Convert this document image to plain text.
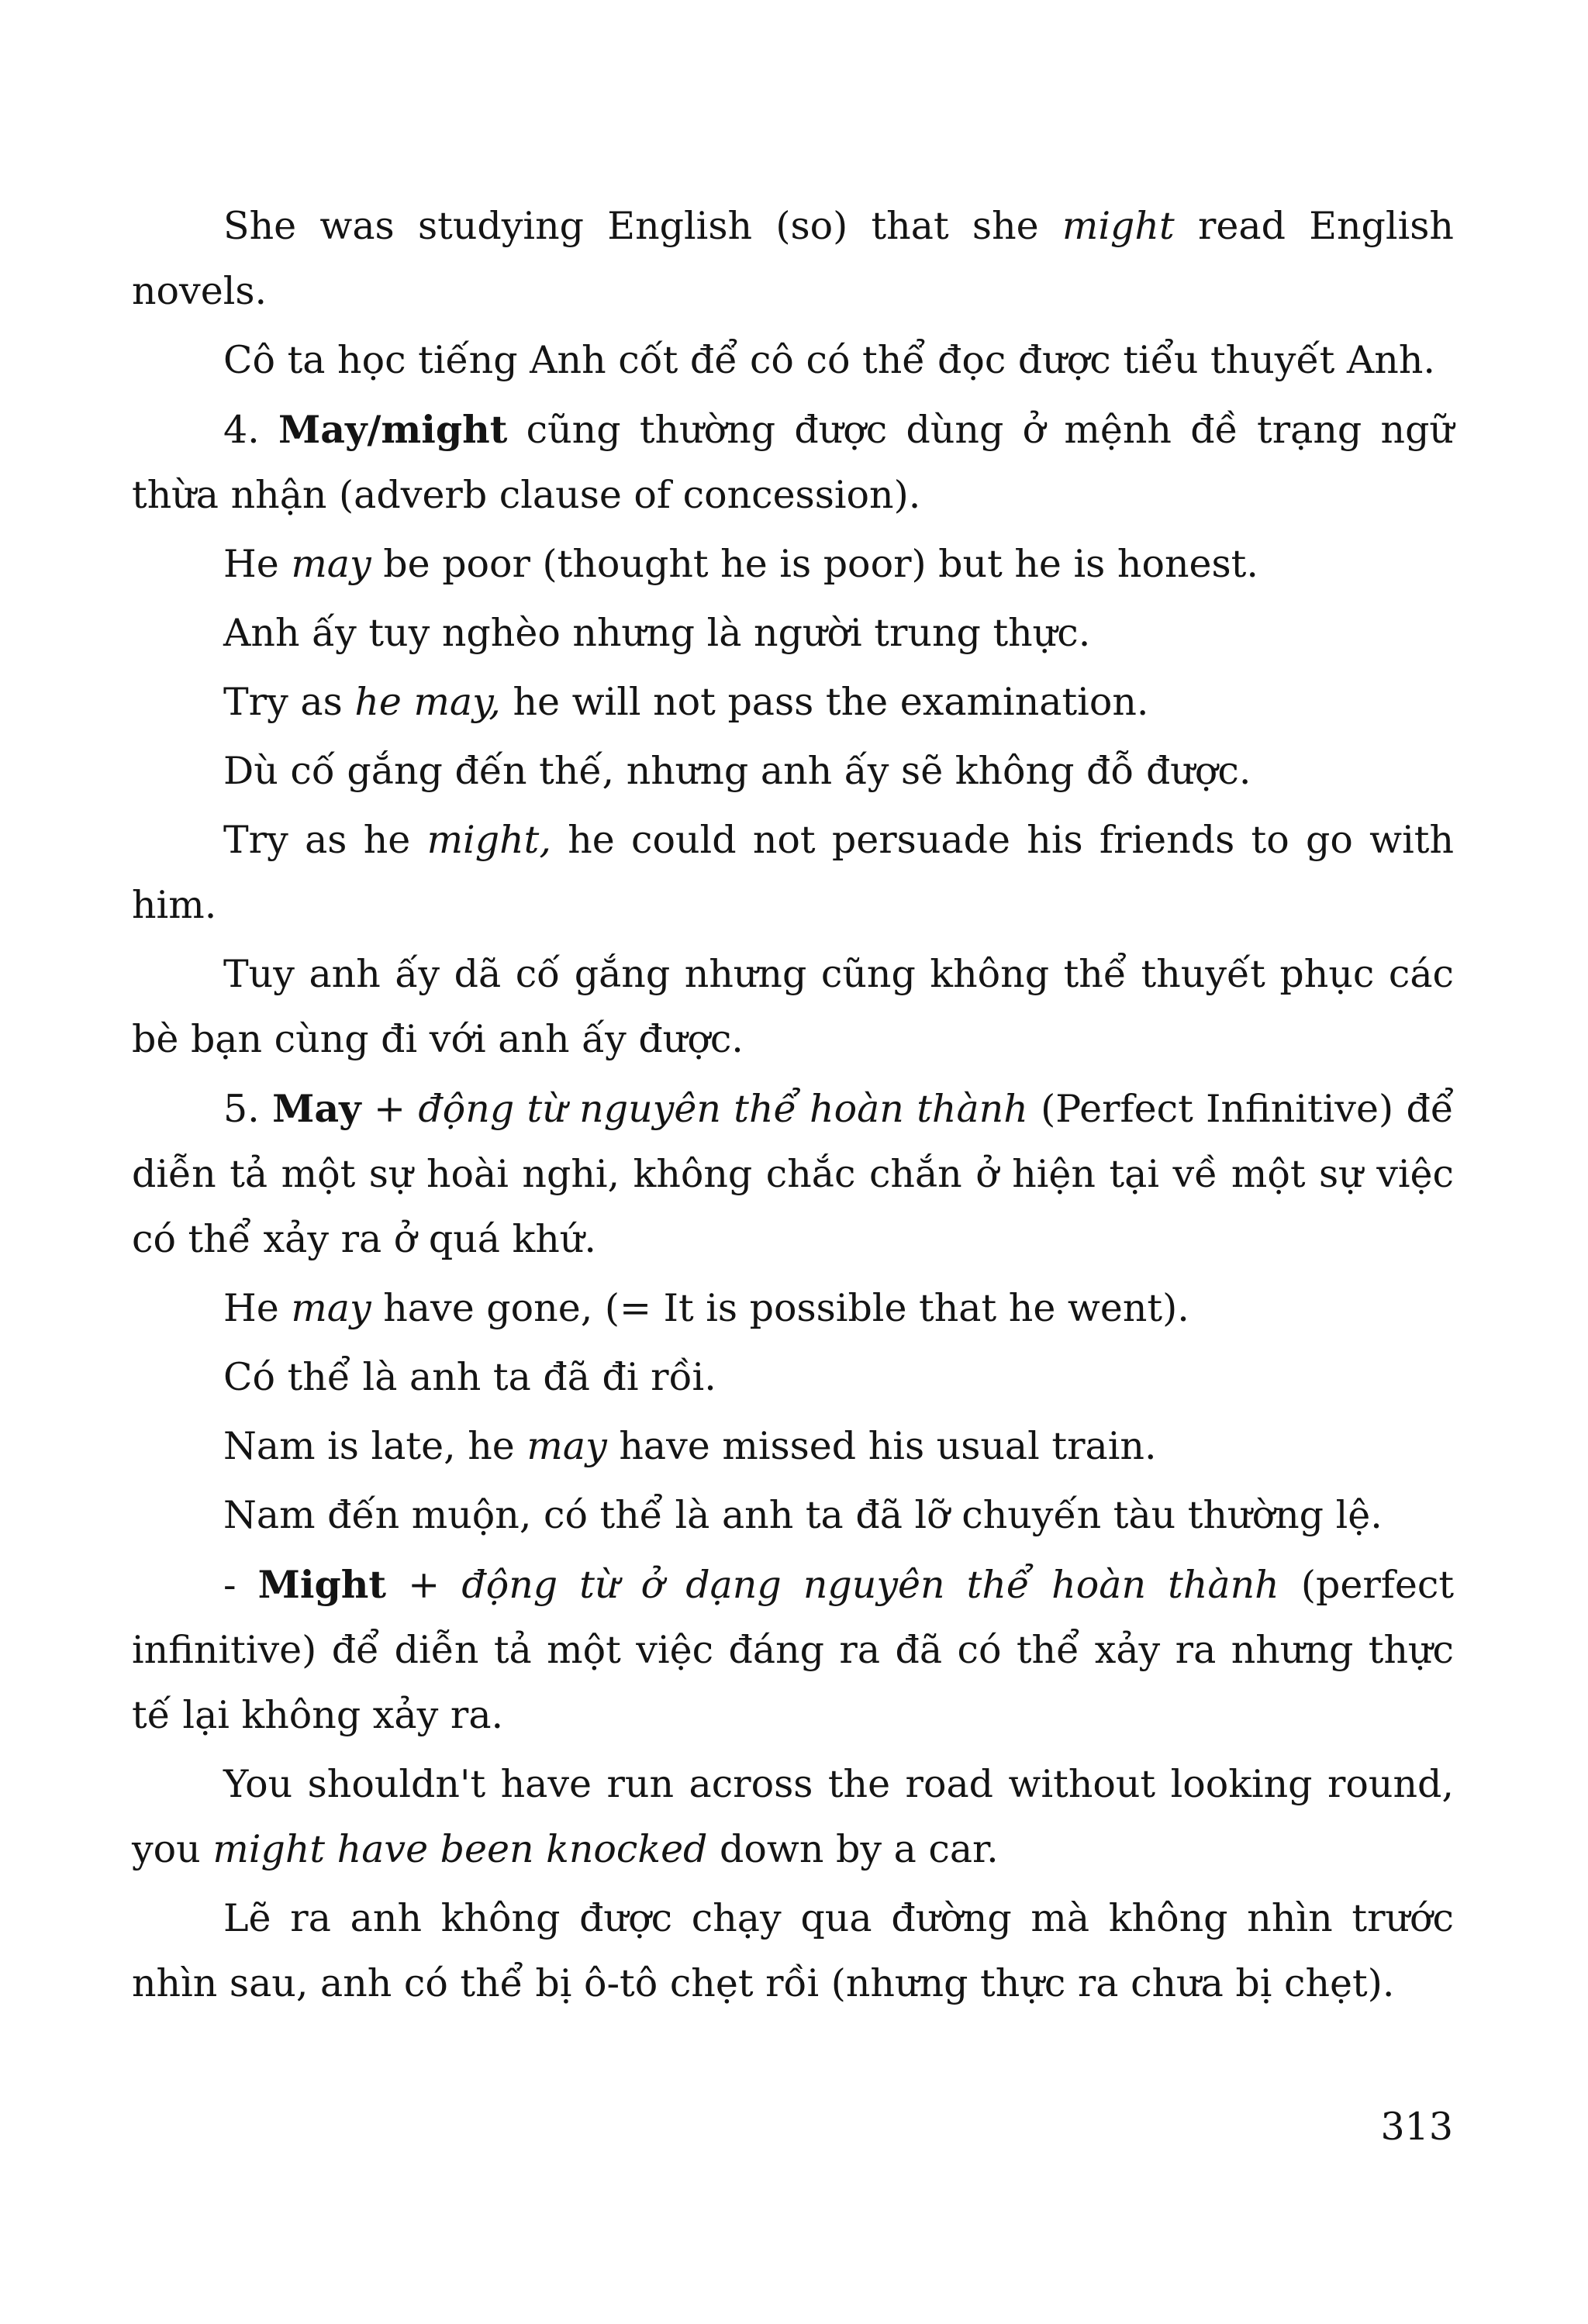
She was studying English (so) that she might read English novels.

Cô ta học tiếng Anh cốt để cô có thể đọc được tiểu thuyết Anh.

4. May/might cũng thường được dùng ở mệnh đề trạng ngữ thừa nhận (adverb clause of concession).

He may be poor (thought he is poor) but he is honest.

Anh ấy tuy nghèo nhưng là người trung thực.

Try as he may, he will not pass the examination.

Dù cố gắng đến thế, nhưng anh ấy sẽ không đỗ được.

Try as he might, he could not persuade his friends to go with him.

Tuy anh ấy dã cố gắng nhưng cũng không thể thuyết phục các bè bạn cùng đi với anh ấy được.

5. May + động từ nguyên thể hoàn thành (Perfect Infinitive) để diễn tả một sự hoài nghi, không chắc chắn ở hiện tại về một sự việc có thể xảy ra ở quá khứ.

He may have gone, (= It is possible that he went).

Có thể là anh ta đã đi rồi.

Nam is late, he may have missed his usual train.

Nam đến muộn, có thể là anh ta đã lỡ chuyến tàu thường lệ.

- Might + động từ ở dạng nguyên thể hoàn thành (perfect infinitive) để diễn tả một việc đáng ra đã có thể xảy ra nhưng thực tế lại không xảy ra.

You shouldn't have run across the road without looking round, you might have been knocked down by a car.

Lẽ ra anh không được chạy qua đường mà không nhìn trước nhìn sau, anh có thể bị ô-tô chẹt rồi (nhưng thực ra chưa bị chẹt).

313
